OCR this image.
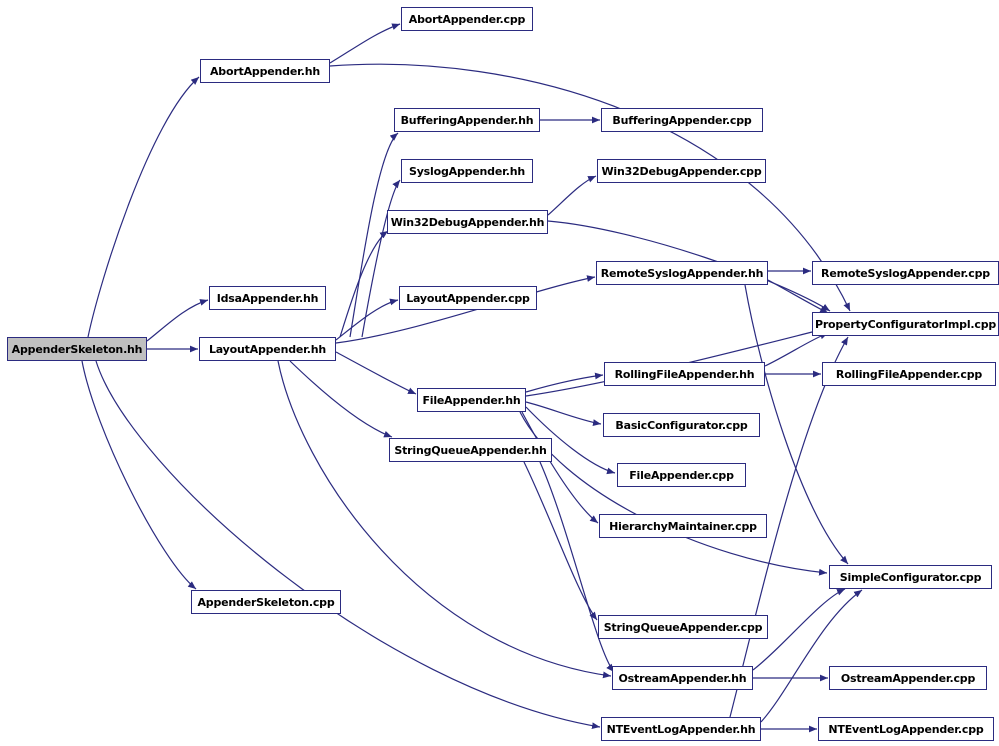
AppenderSkeleton.hh
AbortAppender.cpp
AbortAppender.hh
BufferingAppender.hh	BufferingAppender.cpp
SyslogAppender.hh	Win32DebugAppender.cpp
Win32DebugAppender.hh
RemoteSyslogAppender.hh	RemoteSyslogAppender.cpp
IdsaAppender.hh	LayoutAppender.cpp
PropertyConfiguratorImpl.cpp
LayoutAppender.hh
RollingFileAppender.hh	RollingFileAppender.cpp
FileAppender.hh
BasicConfigurator.cpp
StringQueueAppender.hh
FileAppender.cpp
HierarchyMaintainer.cpp
SimpleConfigurator.cpp
AppenderSkeleton.cpp
StringQueueAppender.cpp
OstreamAppender.hh	OstreamAppender.cpp
NTEventLogAppender.hh	NTEventLogAppender.cpp
